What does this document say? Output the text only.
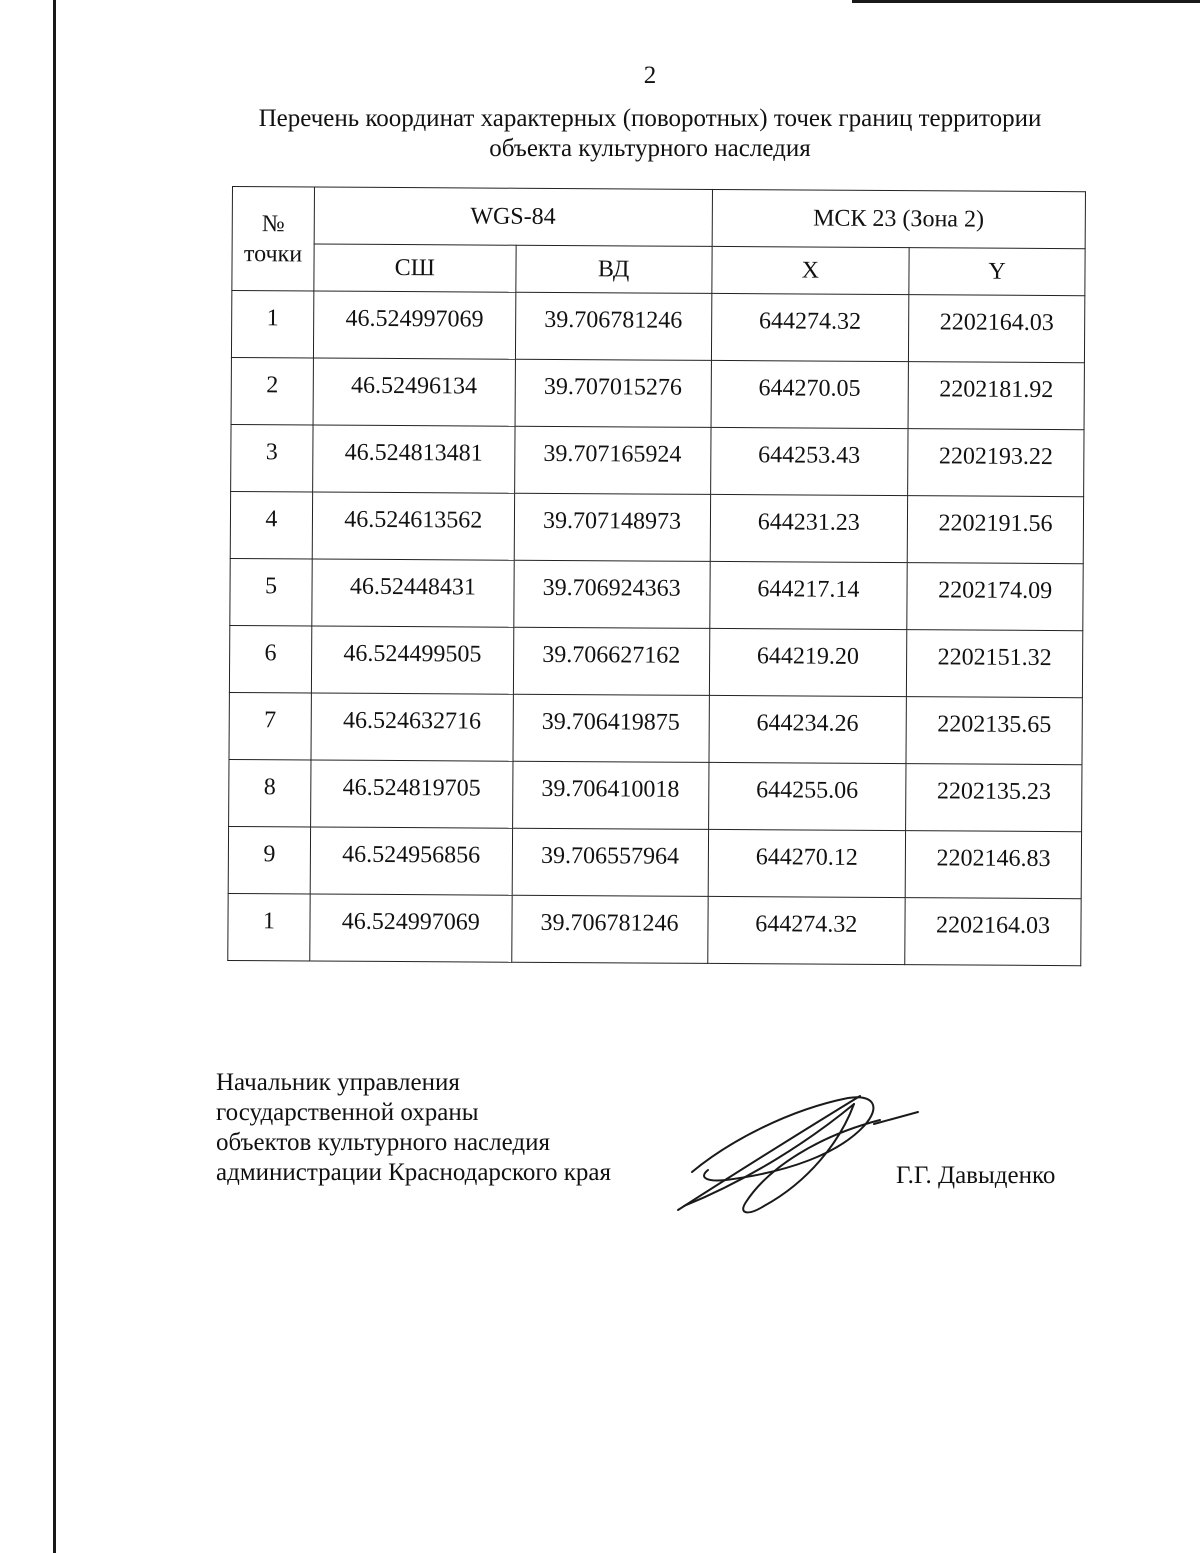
2
Перечень координат характерных (поворотных) точек границ территории
объекта культурного наследия
№ точки	WGS-84		МСК 23 (Зона 2)	
	СШ	ВД	X	Y
1	46.524997069	39.706781246	644274.32	2202164.03
2	46.52496134	39.707015276	644270.05	2202181.92
3	46.524813481	39.707165924	644253.43	2202193.22
4	46.524613562	39.707148973	644231.23	2202191.56
5	46.52448431	39.706924363	644217.14	2202174.09
6	46.524499505	39.706627162	644219.20	2202151.32
7	46.524632716	39.706419875	644234.26	2202135.65
8	46.524819705	39.706410018	644255.06	2202135.23
9	46.524956856	39.706557964	644270.12	2202146.83
1	46.524997069	39.706781246	644274.32	2202164.03
Начальник управления
государственной охраны
объектов культурного наследия
администрации Краснодарского края	Г.Г. Давыденко
